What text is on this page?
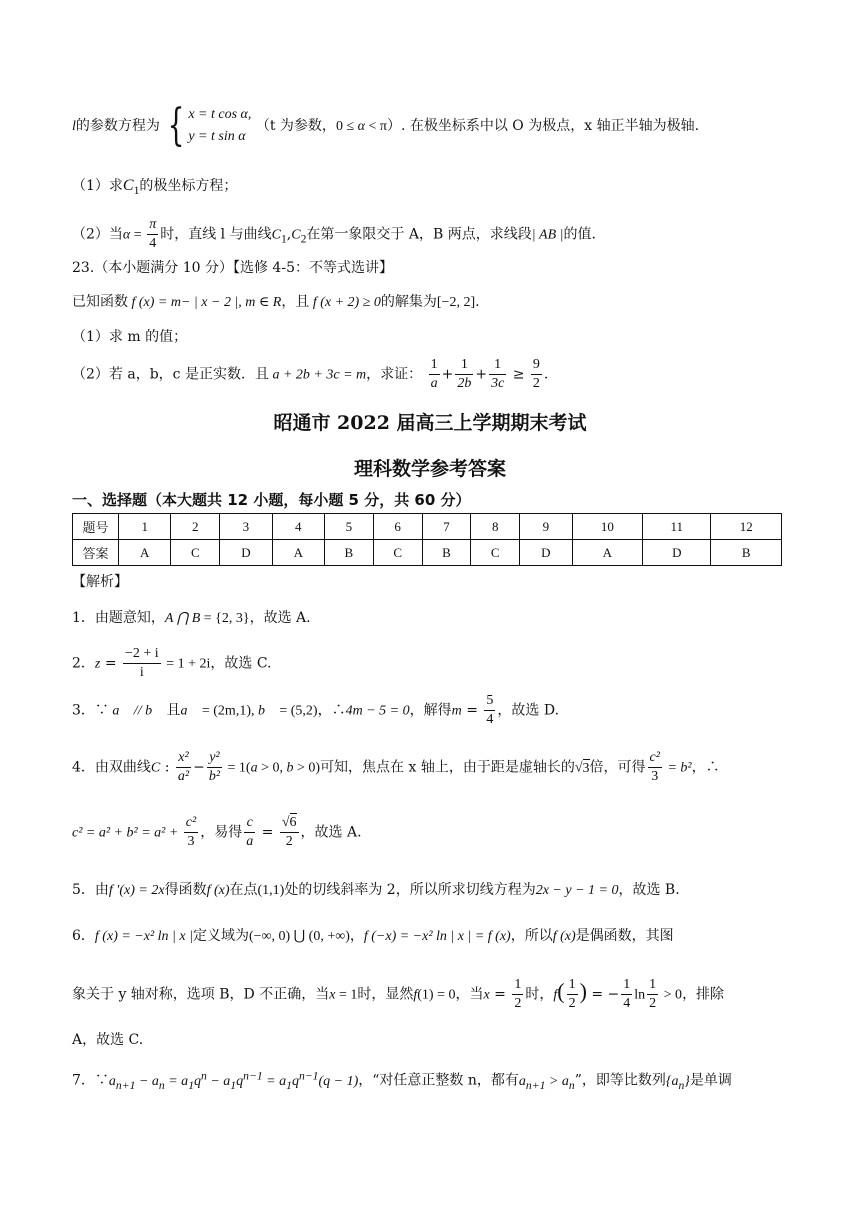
l的参数方程为 { x = t cos α,
y = t sin α
（t 为参数，0 ≤ α < π）. 在极坐标系中以 O 为极点，x 轴正半轴为极轴.
（1）求$C_1$的极坐标方程；
（2）当$\alpha = \frac{\pi}{4}$ 时，直线 l 与曲线$C_1,C_2$在第一象限交于 A，B 两点，求线段| AB |的值.
23.（本小题满分 10 分）【选修 4-5：不等式选讲】
已知函数 f (x) = m− | x − 2 |, m ∈ R，且 f (x + 2) ≥ 0的解集为[−2, 2].
（1）求 m 的值；
（2）若 a，b，c 是正实数．且 a + 2b + 3c = m，求证： $\frac{1}{a} + \frac{1}{2b} + \frac{1}{3c} \ge \frac{9}{2}$ .
昭通市 2022 届高三上学期期末考试
理科数学参考答案
一、选择题（本大题共 12 小题，每小题 5 分，共 60 分）
题号	1	2	3	4	5	6	7	8	9	10	11	12
答案	A	C	D	A	B	C	B	C	D	A	D	B
【解析】
1．由题意知，A ⋂ B = {2, 3}，故选 A.
2．$z = \frac{-2 + i}{i} = 1 + 2i$，故选 C.
3．∵ a⃗ // b⃗ 且a⃗ = (2m,1), b⃗ = (5,2)，∴4m − 5 = 0，解得$m = \frac{5}{4}$ ，故选 D.
4．由双曲线C : $\frac{\text{x²}}{\text{a²}} - \frac{\text{y²}}{\text{b²}} = 1(a > 0$, b > 0)可知，焦点在 x 轴上，由于距是虚轴长的√3倍，可得 $\frac{\text{c²}}{3} = b^2$，∴
$c^2 = a^2 + b^2 = a^2 + \frac{\text{c²}}{3}$ ，易得 $\frac{c}{a} = \frac{√6}{2}$ ，故选 A.
5．由f ′(x) = 2x得函数f (x)在点(1,1)处的切线斜率为 2，所以所求切线方程为2x − y − 1 = 0，故选 B.
6．f (x) = −x² ln | x |定义域为(−∞, 0) ⋃ (0, +∞)，f (−x) = −x² ln | x | = f (x)，所以f (x)是偶函数，其图
象关于 y 轴对称，选项 B，D 不正确，当x = 1时，显然f(1) = 0，当$x = \frac{1}{2}$ 时，$f( \frac{1}{2}$ ) = − $\frac{1}{4}$ $\ln \frac{1}{2} > 0$，排除
A，故选 C.
7．$\because a_{n+1} - a_n = a_1q^n - a_1q^{n-1} = a_1q^{n-1}(q - 1)$，“对任意正整数 n，都有$a_{n+1} > a_n$”，即等比数列$\{a_n\}$是单调
